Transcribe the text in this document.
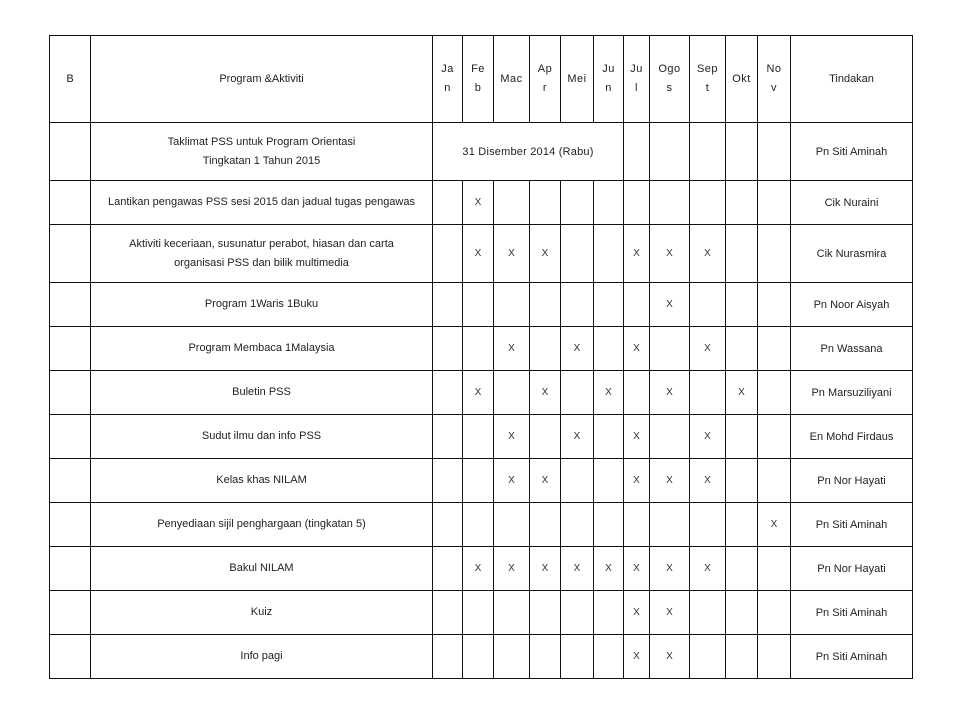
B	Program &Aktiviti	Jan	Feb	Mac	Apr	Mei	Jun	Jul	Ogos	Sept	Okt	Nov	Tindakan
	Taklimat PSS untuk Program Orientasi
Tingkatan 1 Tahun 2015	31 Disember 2014 (Rabu)											Pn Siti Aminah
	Lantikan pengawas PSS sesi 2015 dan jadual tugas pengawas		X										Cik Nuraini
	Aktiviti keceriaan, susunatur perabot, hiasan dan carta
organisasi PSS dan bilik multimedia		X	X	X			X	X	X			Cik Nurasmira
	Program 1Waris 1Buku								X				Pn Noor Aisyah
	Program Membaca 1Malaysia			X		X		X		X			Pn Wassana
	Buletin PSS		X		X		X		X		X		Pn Marsuziliyani
	Sudut ilmu dan info PSS			X		X		X		X			En Mohd Firdaus
	Kelas khas NILAM			X	X			X	X	X			Pn Nor Hayati
	Penyediaan sijil penghargaan (tingkatan 5)											X	Pn Siti Aminah
	Bakul NILAM		X	X	X	X	X	X	X	X			Pn Nor Hayati
	Kuiz							X	X				Pn Siti Aminah
	Info pagi							X	X				Pn Siti Aminah
